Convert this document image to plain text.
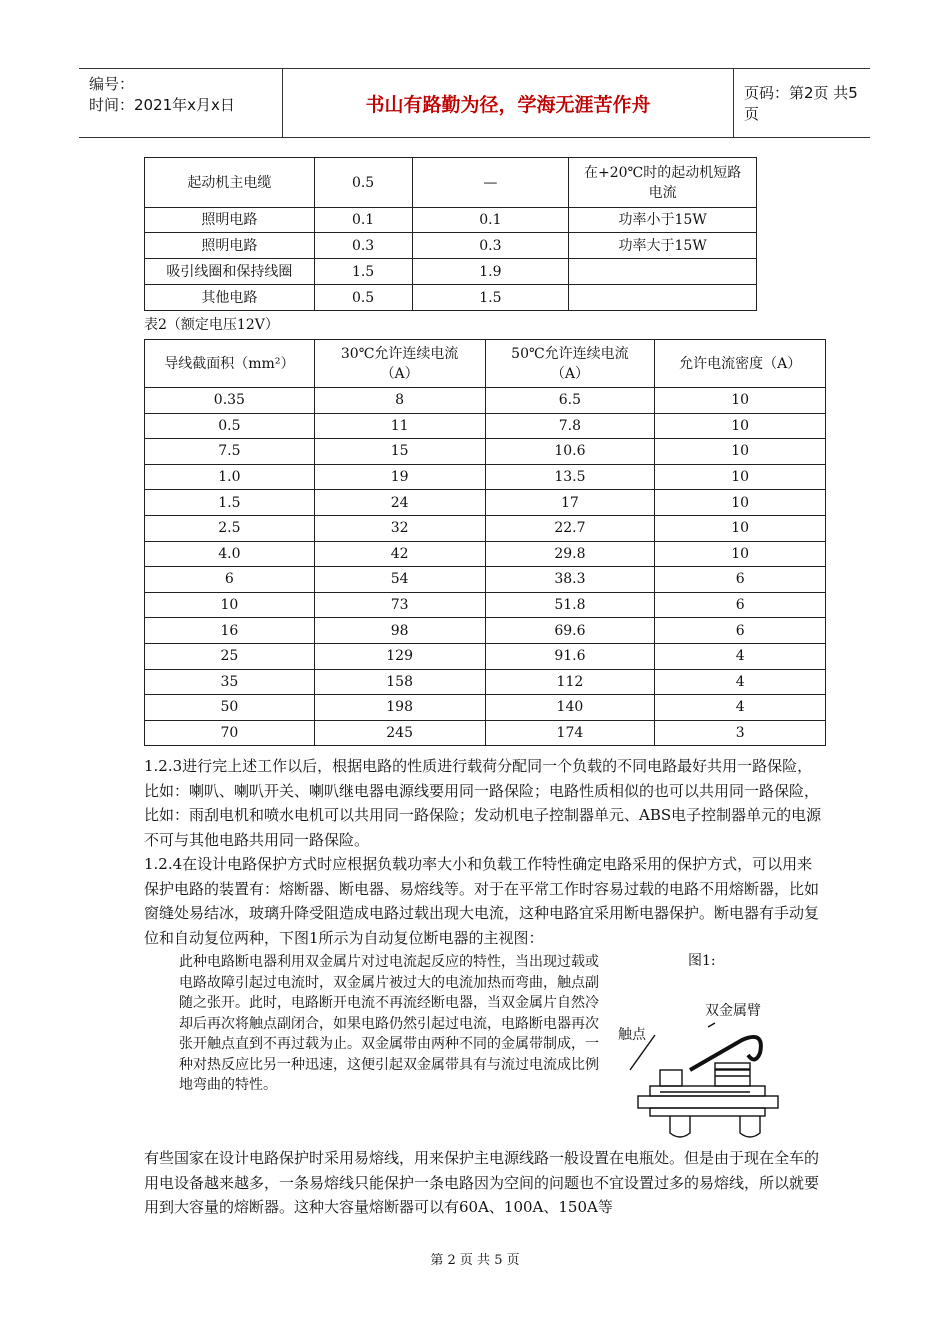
编号：
时间：2021年x月x日	书山有路勤为径，学海无涯苦作舟
页码：第2页 共5页
起动机主电缆	0.5	—	在+20℃时的起动机短路电流
照明电路	0.1	0.1	功率小于15W
照明电路	0.3	0.3	功率大于15W
吸引线圈和保持线圈	1.5	1.9	
其他电路	0.5	1.5	
表2（额定电压12V）
导线截面积（mm²）	30℃允许连续电流（A）	50℃允许连续电流（A）	允许电流密度（A）
0.35	8	6.5	10
0.5	11	7.8	10
7.5	15	10.6	10
1.0	19	13.5	10
1.5	24	17	10
2.5	32	22.7	10
4.0	42	29.8	10
6	54	38.3	6
10	73	51.8	6
16	98	69.6	6
25	129	91.6	4
35	158	112	4
50	198	140	4
70	245	174	3

1.2.3进行完上述工作以后，根据电路的性质进行载荷分配同一个负载的不同电路最好共用一路保险，比如：喇叭、喇叭开关、喇叭继电器电源线要用同一路保险；电路性质相似的也可以共用同一路保险，比如：雨刮电机和喷水电机可以共用同一路保险；发动机电子控制器单元、ABS电子控制器单元的电源不可与其他电路共用同一路保险。

1.2.4在设计电路保护方式时应根据负载功率大小和负载工作特性确定电路采用的保护方式，可以用来保护电路的装置有：熔断器、断电器、易熔线等。对于在平常工作时容易过载的电路不用熔断器，比如窗缝处易结冰，玻璃升降受阻造成电路过载出现大电流，这种电路宜采用断电器保护。断电器有手动复位和自动复位两种，下图1所示为自动复位断电器的主视图：

此种电路断电器利用双金属片对过电流起反应的特性，当出现过载或电路故障引起过电流时，双金属片被过大的电流加热而弯曲，触点副随之张开。此时，电路断开电流不再流经断电器，当双金属片自然冷却后再次将触点副闭合，如果电路仍然引起过电流，电路断电器再次张开触点直到不再过载为止。双金属带由两种不同的金属带制成，一种对热反应比另一种迅速，这便引起双金属带具有与流过电流成比例地弯曲的特性。
图1:
双金属臂
触点

有些国家在设计电路保护时采用易熔线，用来保护主电源线路一般设置在电瓶处。但是由于现在全车的用电设备越来越多，一条易熔线只能保护一条电路因为空间的问题也不宜设置过多的易熔线，所以就要用到大容量的熔断器。这种大容量熔断器可以有60A、100A、150A等

第 2 页 共 5 页
